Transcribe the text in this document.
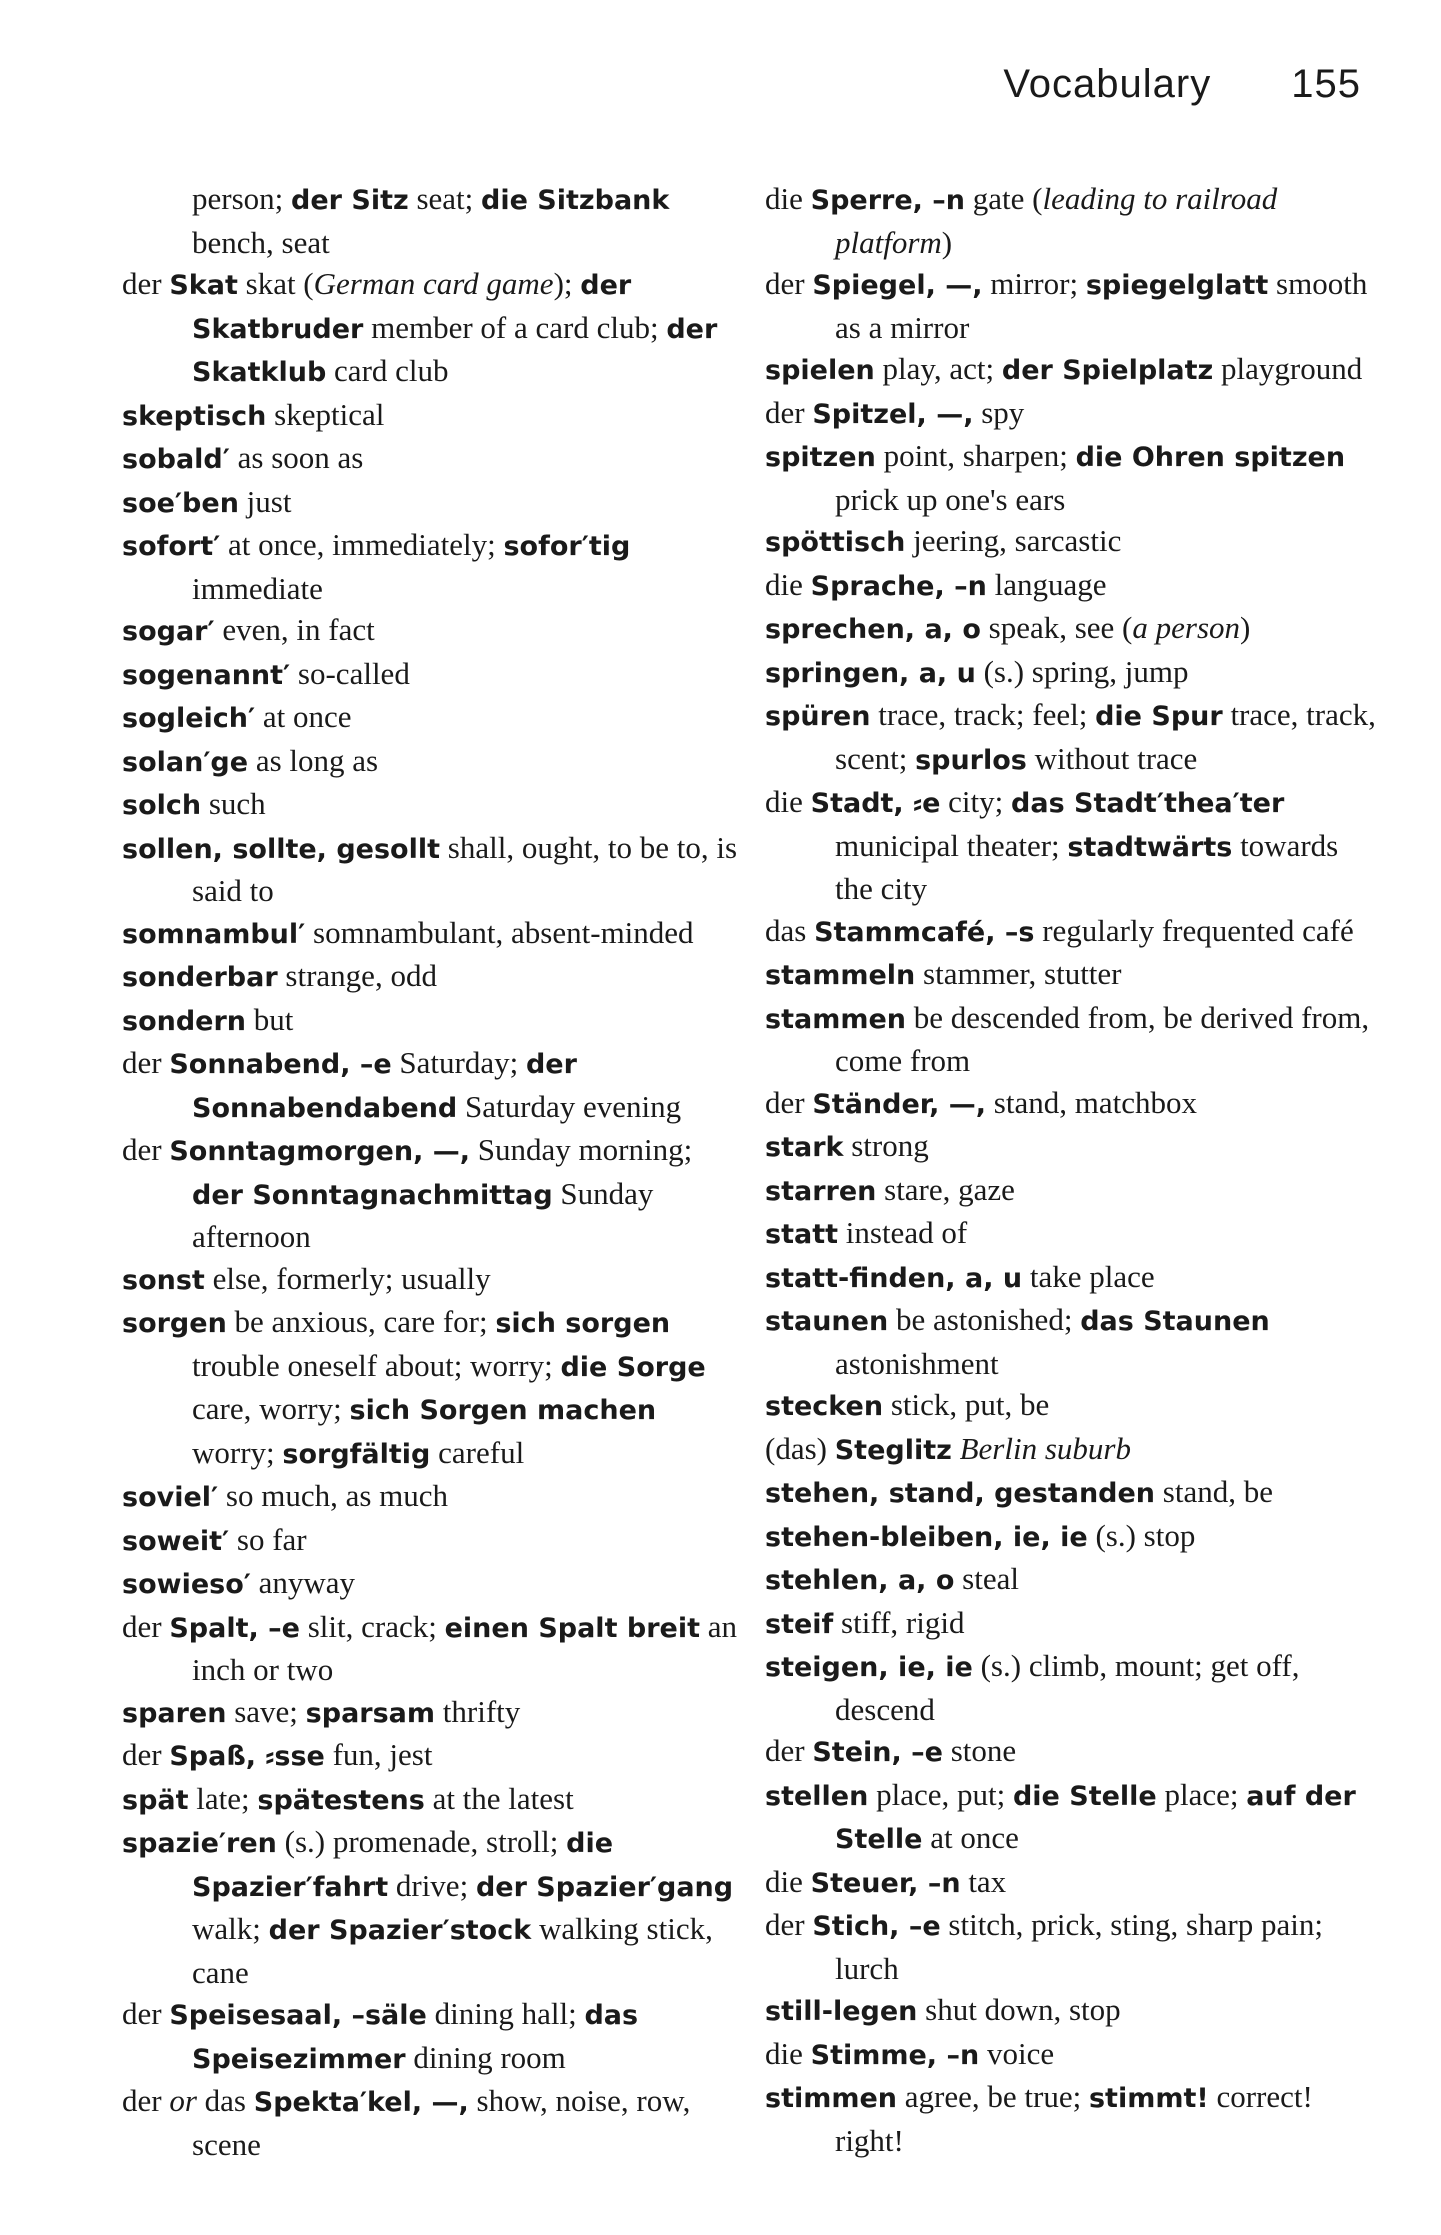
Vocabulary 155
person; der Sitz seat; die Sitzbank bench, seat
der Skat skat (German card game); der Skatbruder member of a card club; der Skatklub card club
skeptisch skeptical
sobald′ as soon as
soe′ben just
sofort′ at once, immediately; sofor′tig immediate
sogar′ even, in fact
sogenannt′ so-called
sogleich′ at once
solan′ge as long as
solch such
sollen, sollte, gesollt shall, ought, to be to, is said to
somnambul′ somnambulant, absent-minded
sonderbar strange, odd
sondern but
der Sonnabend, –e Saturday; der Sonnabendabend Saturday evening
der Sonntagmorgen, —, Sunday morning; der Sonntagnachmittag Sunday afternoon
sonst else, formerly; usually
sorgen be anxious, care for; sich sorgen trouble oneself about; worry; die Sorge care, worry; sich Sorgen machen worry; sorgfältig careful
soviel′ so much, as much
soweit′ so far
sowieso′ anyway
der Spalt, –e slit, crack; einen Spalt breit an inch or two
sparen save; sparsam thrifty
der Spaß, ⸗sse fun, jest
spät late; spätestens at the latest
spazie′ren (s.) promenade, stroll; die Spazier′fahrt drive; der Spazier′gang walk; der Spazier′stock walking stick, cane
der Speisesaal, –säle dining hall; das Speisezimmer dining room
der or das Spekta′kel, —, show, noise, row, scene
die Sperre, –n gate (leading to railroad platform)
der Spiegel, —, mirror; spiegelglatt smooth as a mirror
spielen play, act; der Spielplatz playground
der Spitzel, —, spy
spitzen point, sharpen; die Ohren spitzen prick up one's ears
spöttisch jeering, sarcastic
die Sprache, –n language
sprechen, a, o speak, see (a person)
springen, a, u (s.) spring, jump
spüren trace, track; feel; die Spur trace, track, scent; spurlos without trace
die Stadt, ⸗e city; das Stadt′thea′ter municipal theater; stadtwärts towards the city
das Stammcafé, –s regularly frequented café
stammeln stammer, stutter
stammen be descended from, be derived from, come from
der Ständer, —, stand, matchbox
stark strong
starren stare, gaze
statt instead of
statt-finden, a, u take place
staunen be astonished; das Staunen astonishment
stecken stick, put, be
(das) Steglitz Berlin suburb
stehen, stand, gestanden stand, be
stehen-bleiben, ie, ie (s.) stop
stehlen, a, o steal
steif stiff, rigid
steigen, ie, ie (s.) climb, mount; get off, descend
der Stein, –e stone
stellen place, put; die Stelle place; auf der Stelle at once
die Steuer, –n tax
der Stich, –e stitch, prick, sting, sharp pain; lurch
still-legen shut down, stop
die Stimme, –n voice
stimmen agree, be true; stimmt! correct! right!
